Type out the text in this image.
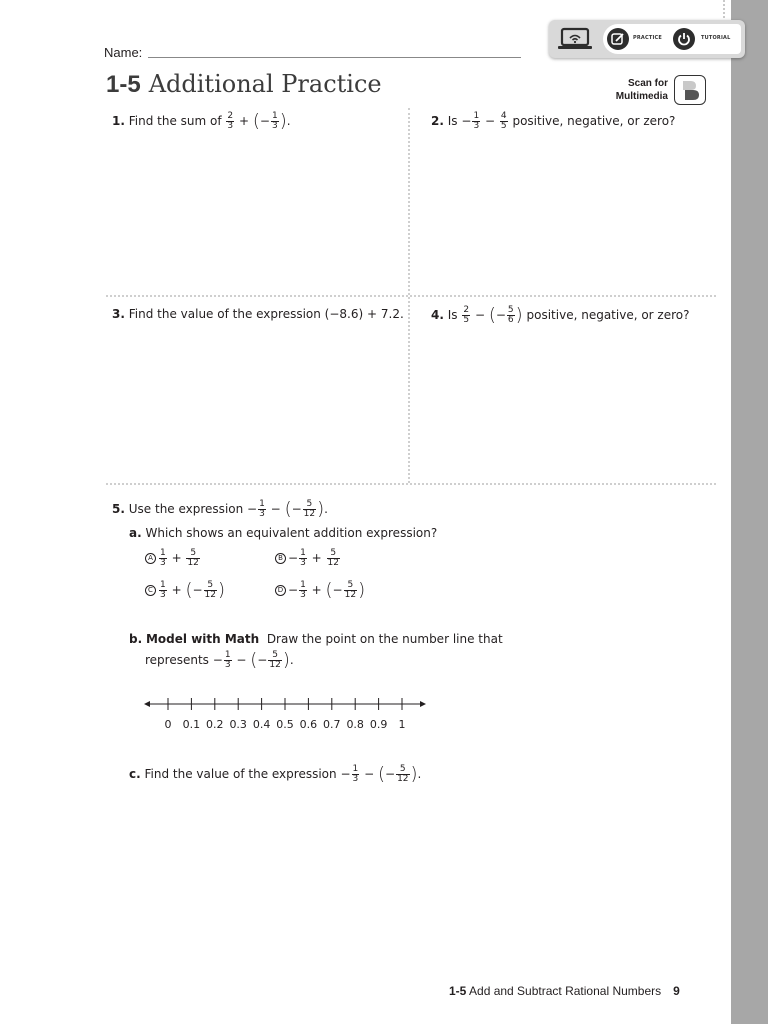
PRACTICE	TUTORIAL
Name:
1-5 Additional Practice	Scan for
Multimedia
1. Find the sum of $\frac{2}{3}$ + (− $\frac{1}{3}$ ).	2. $Is - \frac{1}{3} - \frac{4}{5}$ positive, negative, or zero?
3. Find the value of the expression (−8.6) + 7.2. 4. Is $\frac{2}{5}$ − (− $\frac{5}{6}$ ) positive, negative, or zero?
5. Use the expression − $\frac{1}{3}$ − (− $\frac{5}{12}$ ).
a. Which shows an equivalent addition expression?
A $\frac{1}{3} + \frac{5}{12}$	$B - \frac{1}{3} + \frac{5}{12}$
C $\frac{1}{3}$ + (− $\frac{5}{12}$ )	$D - \frac{1}{3}$ + (− $\frac{5}{12}$ )
b. Model with Math Draw the point on the number line that
represents − $\frac{1}{3}$ − (− $\frac{5}{12}$ ).
0 0.1 0.2 0.3 0.4 0.5 0.6 0.7 0.8 0.9 1
c. Find the value of the expression − $\frac{1}{3}$ − (− $\frac{5}{12}$ ).
1-5 Add and Subtract Rational Numbers 9
